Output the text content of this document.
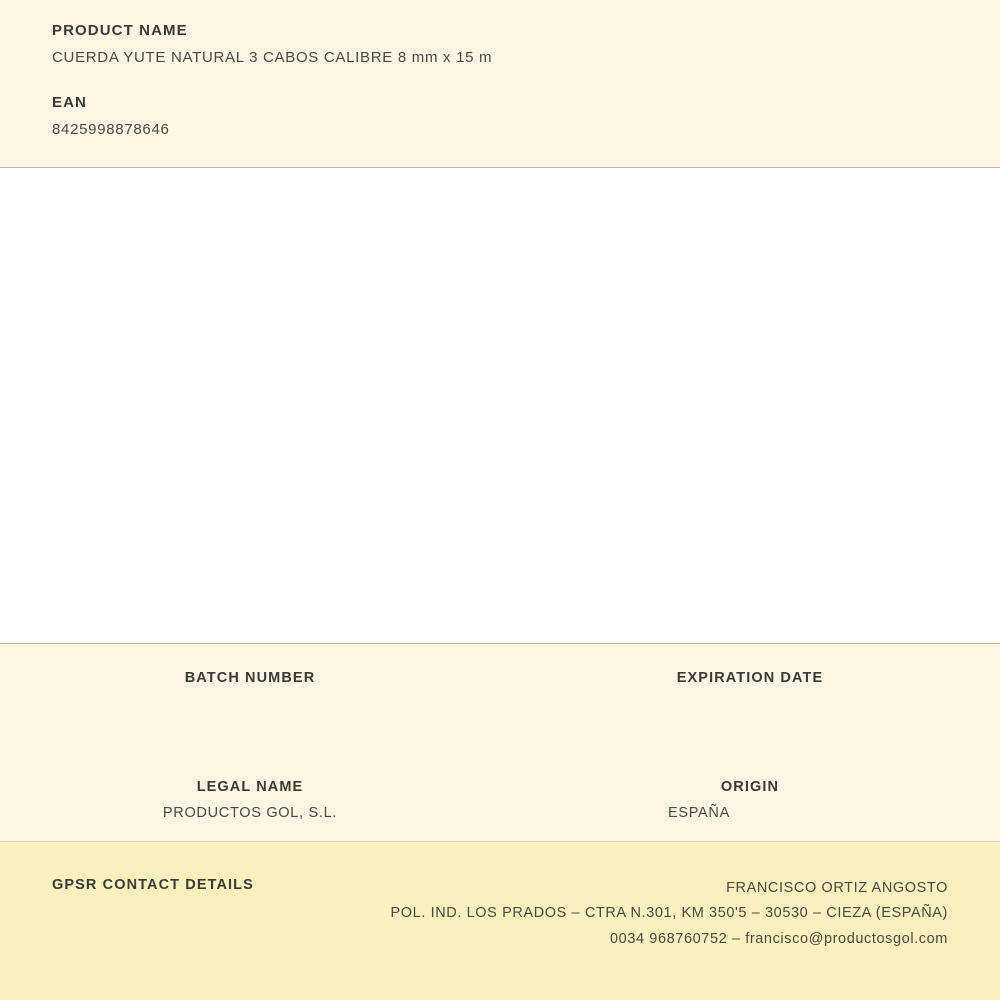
PRODUCT NAME

CUERDA YUTE NATURAL 3 CABOS CALIBRE 8 mm x 15 m

EAN

8425998878646

BATCH NUMBER	EXPIRATION DATE

LEGAL NAME

PRODUCTOS GOL, S.L.

ORIGIN

ESPAÑA

GPSR CONTACT DETAILS	FRANCISCO ORTIZ ANGOSTO
POL. IND. LOS PRADOS – CTRA N.301, KM 350'5 – 30530 – CIEZA (ESPAÑA)
0034 968760752 – francisco@productosgol.com
